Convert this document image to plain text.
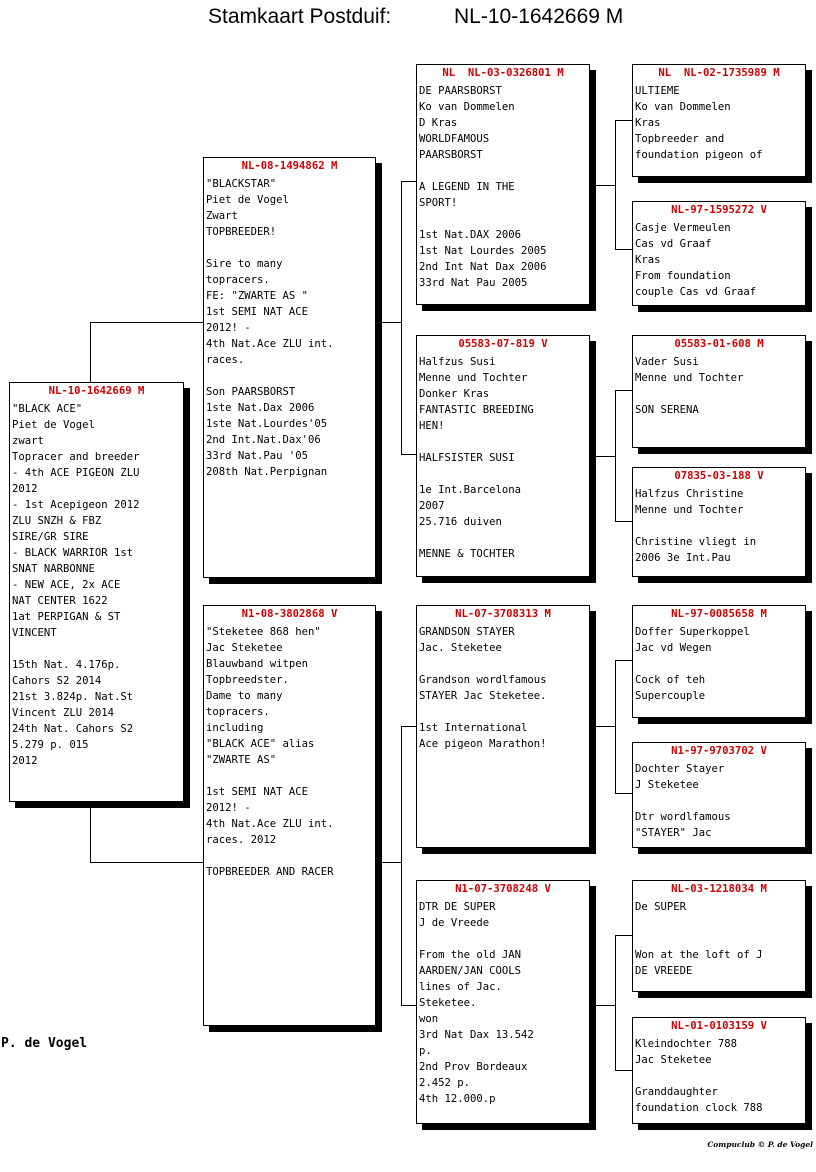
Stamkaart Postduif:	NL-10-1642669 M
NL-10-1642669 M
"BLACK ACE"
Piet de Vogel
zwart
Topracer and breeder
- 4th ACE PIGEON ZLU
2012
- 1st Acepigeon 2012
ZLU SNZH & FBZ
SIRE/GR SIRE
- BLACK WARRIOR 1st
SNAT NARBONNE
- NEW ACE, 2x ACE
NAT CENTER 1622
1at PERPIGAN & ST
VINCENT

15th Nat. 4.176p.
Cahors S2 2014
21st 3.824p. Nat.St
Vincent ZLU 2014
24th Nat. Cahors S2
5.279 p. 015
2012
NL-08-1494862 M
"BLACKSTAR"
Piet de Vogel
Zwart
TOPBREEDER!

Sire to many
topracers.
FE: "ZWARTE AS "
1st SEMI NAT ACE
2012! -
4th Nat.Ace ZLU int.
races.

Son PAARSBORST
1ste Nat.Dax 2006
1ste Nat.Lourdes'05
2nd Int.Nat.Dax'06
33rd Nat.Pau '05
208th Nat.Perpignan
N1-08-3802868 V
"Steketee 868 hen"
Jac Steketee
Blauwband witpen
Topbreedster.
Dame to many
topracers.
including
"BLACK ACE" alias
"ZWARTE AS"

1st SEMI NAT ACE
2012! -
4th Nat.Ace ZLU int.
races. 2012

TOPBREEDER AND RACER
NL  NL-03-0326801 M
DE PAARSBORST
Ko van Dommelen
D Kras
WORLDFAMOUS
PAARSBORST

A LEGEND IN THE
SPORT!

1st Nat.DAX 2006
1st Nat Lourdes 2005
2nd Int Nat Dax 2006
33rd Nat Pau 2005
05583-07-819 V
Halfzus Susi
Menne und Tochter
Donker Kras
FANTASTIC BREEDING
HEN!

HALFSISTER SUSI

1e Int.Barcelona
2007
25.716 duiven

MENNE & TOCHTER
NL-07-3708313 M
GRANDSON STAYER
Jac. Steketee

Grandson wordlfamous
STAYER Jac Steketee.

1st International
Ace pigeon Marathon!
N1-07-3708248 V
DTR DE SUPER
J de Vreede

From the old JAN
AARDEN/JAN COOLS
lines of Jac.
Steketee.
won
3rd Nat Dax 13.542
p.
2nd Prov Bordeaux
2.452 p.
4th 12.000.p
NL  NL-02-1735989 M
ULTIEME
Ko van Dommelen
Kras
Topbreeder and
foundation pigeon of
NL-97-1595272 V
Casje Vermeulen
Cas vd Graaf
Kras
From foundation
couple Cas vd Graaf
05583-01-608 M
Vader Susi
Menne und Tochter

SON SERENA
07835-03-188 V
Halfzus Christine
Menne und Tochter

Christine vliegt in
2006 3e Int.Pau
NL-97-0085658 M
Doffer Superkoppel
Jac vd Wegen

Cock of teh
Supercouple
N1-97-9703702 V
Dochter Stayer
J Steketee

Dtr wordlfamous
"STAYER" Jac
NL-03-1218034 M
De SUPER

Won at the loft of J
DE VREEDE
NL-01-0103159 V
Kleindochter 788
Jac Steketee

Granddaughter
foundation clock 788
P. de Vogel
Compuclub © P. de Vogel
